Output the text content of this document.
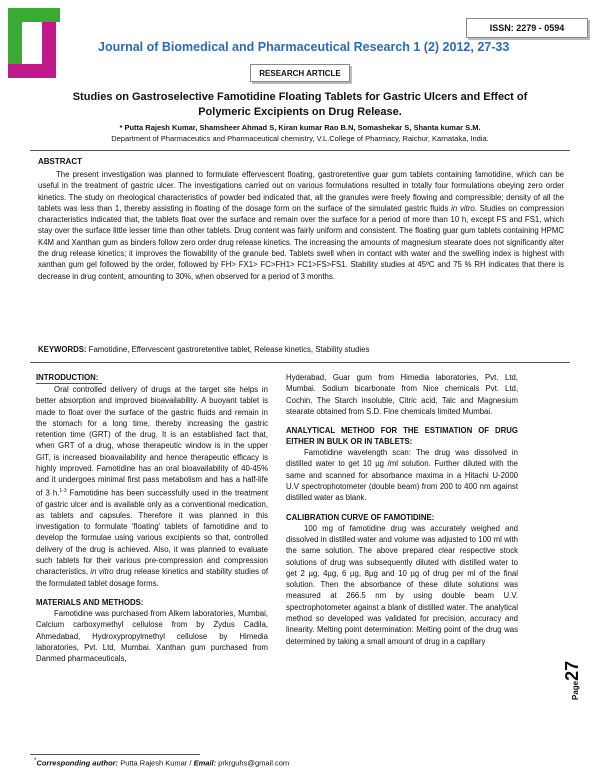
ISSN: 2279 - 0594
Journal of Biomedical and Pharmaceutical Research 1 (2) 2012, 27-33
RESEARCH ARTICLE
Studies on Gastroselective Famotidine Floating Tablets for Gastric Ulcers and Effect of
Polymeric Excipients on Drug Release.
* Putta Rajesh Kumar, Shamsheer Ahmad S, Kiran kumar Rao B.N, Somashekar S, Shanta kumar S.M.
Department of Pharmaceutics and Pharmaceutical chemistry, V.L.College of Pharmacy, Raichur, Karnataka, India.
ABSTRACT
The present investigation was planned to formulate effervescent floating, gastroretentive guar gum tablets containing famotidine, which can be useful in the treatment of gastric ulcer. The investigations carried out on various formulations resulted in totally four formulations obeying zero order kinetics. The study on rheological characteristics of powder bed indicated that, all the granules were freely flowing and compressible; density of all the tablets was less than 1, thereby assisting in floating of the dosage form on the surface of the simulated gastric fluids in vitro. Studies on compression characteristics indicated that, the tablets float over the surface and remain over the surface for a period of more than 10 h, except FS and FS1, which stay over the surface little lesser time than other tablets. Drug content was fairly uniform and consistent. The floating guar gum tablets containing HPMC K4M and Xanthan gum as binders follow zero order drug release kinetics. The increasing the amounts of magnesium stearate does not significantly alter the drug release kinetics; it improves the flowability of the granule bed. Tablets swell when in contact with water and the swelling index is highest with xanthan gum gel followed by the order, followed by FH> FX1> FC>FH1> FC1>FS>FS1. Stability studies at 45ºC and 75 % RH indicates that there is decrease in drug content, amounting to 30%, when observed for a period of 3 months.
KEYWORDS: Famotidine, Effervescent gastroretentive tablet, Release kinetics, Stability studies

INTRODUCTION:

Oral controlled delivery of drugs at the target site helps in better absorption and improved bioavailability. A buoyant tablet is made to float over the surface of the gastric fluids and remain in the stomach for a long time, thereby increasing the gastric retention time (GRT) of the drug. It is an established fact that, when GRT of a drug, whose therapeutic window is in the upper GIT, is increased bioavailability and hence therapeutic efficacy is highly improved. Famotidine has an oral bioavailability of 40-45% and it undergoes minimal first pass metabolism and has a half-life of 3 h.$^{1-3}$ Famotidine has been successfully used in the treatment of gastric ulcer and is available only as a conventional medication, as tablets and capsules. Therefore it was planned in this investigation to formulate 'floating' tablets of famotidine and to develop the formulae using various excipients so that, controlled delivery of the drug is achieved. Also, it was planned to evaluate such tablets for their various pre-compression and compression characteristics, in vitro drug release kinetics and stability studies of the formulated tablet dosage forms.

MATERIALS AND METHODS:

Famotidine was purchased from Alkem laboratories, Mumbai, Calcium carboxymethyl cellulose from by Zydus Cadila, Ahmedabad, Hydroxypropylmethyl cellulose by Himedia laboratories, Pvt. Ltd, Mumbai. Xanthan gum purchased from Danmed pharmaceuticals,

Hyderabad, Guar gum from Himedia laboratories, Pvt. Ltd, Mumbai. Sodium bicarbonate from Nice chemicals Pvt. Ltd, Cochin. The Starch insoluble, Citric acid, Talc and Magnesium stearate obtained from S.D. Fine chemicals limited Mumbai.

ANALYTICAL METHOD FOR THE ESTIMATION OF DRUG EITHER IN BULK OR IN TABLETS:

Famotidine wavelength scan: The drug was dissolved in distilled water to get 10 µg /ml solution. Further diluted with the same and scanned for absorbance maxima in a Hitachi U-2000 U.V spectrophotometer (double beam) from 200 to 400 nm against distilled water as blank.

CALIBRATION CURVE OF FAMOTIDINE:

100 mg of famotidine drug was accurately weighed and dissolved in distilled water and volume was adjusted to 100 ml with the same solution. The above prepared clear respective stock solutions of drug was subsequently diluted with distilled water to get 2 µg, 4µg, 6 µg, 8µg and 10 µg of drug per ml of the final solution. Then the absorbance of these dilute solutions was measured at 266.5 nm by using double beam U.V. spectrophotometer against a blank of distilled water. The analytical method so developed was validated for precision, accuracy and linearity. Melting point determination: Melting point of the drug was determined by taking a small amount of drug in a capillary

Page27
*Corresponding author: Putta Rajesh Kumar / Email: prkrguhs@gmail.com
